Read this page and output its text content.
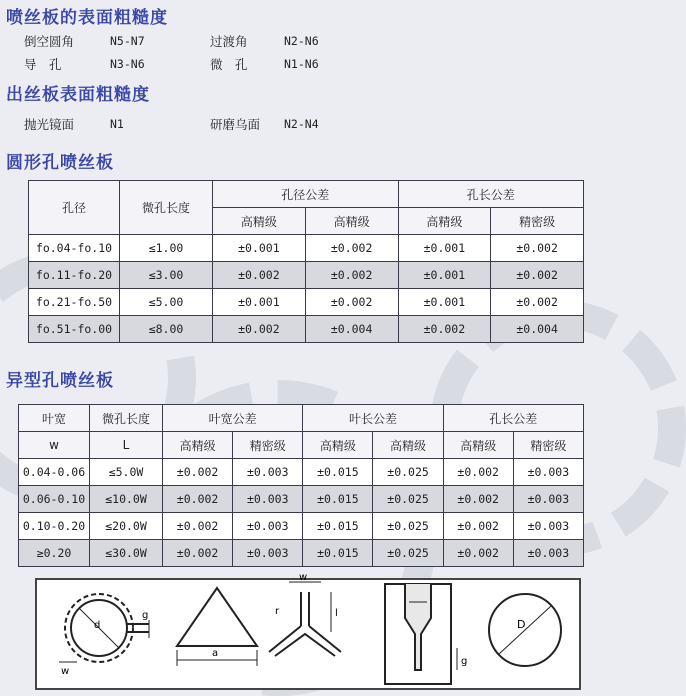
喷丝板的表面粗糙度
倒空圆角	N5-N7	过渡角	N2-N6
导　孔	N3-N6	微　孔	N1-N6
出丝板表面粗糙度
抛光镜面	N1	研磨乌面 N2-N4
圆形孔喷丝板
孔径	微孔长度	孔径公差		孔长公差	
		高精级	高精级	高精级	精密级
fo.04-fo.10	≤1.00	±0.001	±0.002	±0.001	±0.002
fo.11-fo.20	≤3.00	±0.002	±0.002	±0.001	±0.002
fo.21-fo.50	≤5.00	±0.001	±0.002	±0.001	±0.002
fo.51-fo.00	≤8.00	±0.002	±0.004	±0.002	±0.004
异型孔喷丝板
叶宽	微孔长度	叶宽公差		叶长公差		孔长公差	
w	L	高精级	精密级	高精级	高精级	高精级	精密级
0.04-0.06	≤5.0W	±0.002	±0.003	±0.015	±0.025	±0.002	±0.003
0.06-0.10	≤10.0W	±0.002	±0.003	±0.015	±0.025	±0.002	±0.003
0.10-0.20	≤20.0W	±0.002	±0.003	±0.015	±0.025	±0.002	±0.003
≥0.20	≤30.0W	±0.002	±0.003	±0.015	±0.025	±0.002	±0.003
d
g
w
a
r
w
l
g
D
